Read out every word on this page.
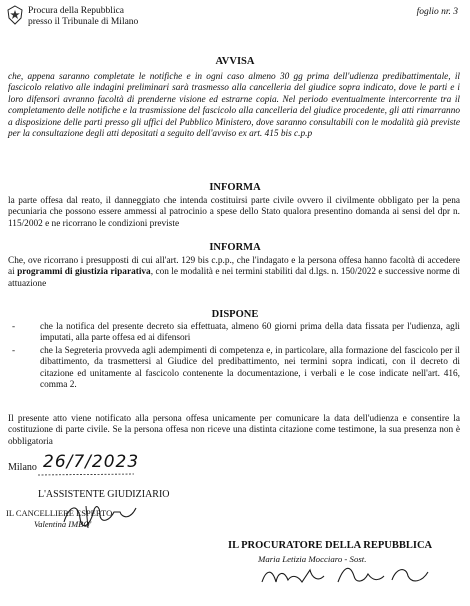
Procura della Repubblica
presso il Tribunale di Milano
foglio nr. 3
AVVISA
che, appena saranno completate le notifiche e in ogni caso almeno 30 gg prima dell'udienza predibattimentale, il fascicolo relativo alle indagini preliminari sarà trasmesso alla cancelleria del giudice sopra indicato, dove le parti e i loro difensori avranno facoltà di prenderne visione ed estrarne copia. Nel periodo eventualmente intercorrente tra il completamento delle notifiche e la trasmissione del fascicolo alla cancelleria del giudice procedente, gli atti rimarranno a disposizione delle parti presso gli uffici del Pubblico Ministero, dove saranno consultabili con le modalità già previste per la consultazione degli atti depositati a seguito dell'avviso ex art. 415 bis c.p.p
INFORMA
la parte offesa dal reato, il danneggiato che intenda costituirsi parte civile ovvero il civilmente obbligato per la pena pecuniaria che possono essere ammessi al patrocinio a spese dello Stato qualora presentino domanda ai sensi del dpr n. 115/2002 e ne ricorrano le condizioni previste
INFORMA
Che, ove ricorrano i presupposti di cui all'art. 129 bis c.p.p., che l'indagato e la persona offesa hanno facoltà di accedere ai programmi di giustizia riparativa, con le modalità e nei termini stabiliti dal d.lgs. n. 150/2022 e successive norme di attuazione
DISPONE
-	che la notifica del presente decreto sia effettuata, almeno 60 giorni prima della data fissata per l'udienza, agli imputati, alla parte offesa ed ai difensori
-	che la Segreteria provveda agli adempimenti di competenza e, in particolare, alla formazione del fascicolo per il dibattimento, da trasmettersi al Giudice del predibattimento, nei termini sopra indicati, con il decreto di citazione ed unitamente al fascicolo contenente la documentazione, i verbali e le cose indicate nell'art. 416, comma 2.
Il presente atto viene notificato alla persona offesa unicamente per comunicare la data dell'udienza e consentire la costituzione di parte civile. Se la persona offesa non riceve una distinta citazione come testimone, la sua presenza non è obbligatoria
Milano 26/7/2023
L'ASSISTENTE GIUDIZIARIO
IL CANCELLIERE ESPERTO
Valentina IMBO'
IL PROCURATORE DELLA REPUBBLICA
Maria Letizia Mocciaro - Sost.
